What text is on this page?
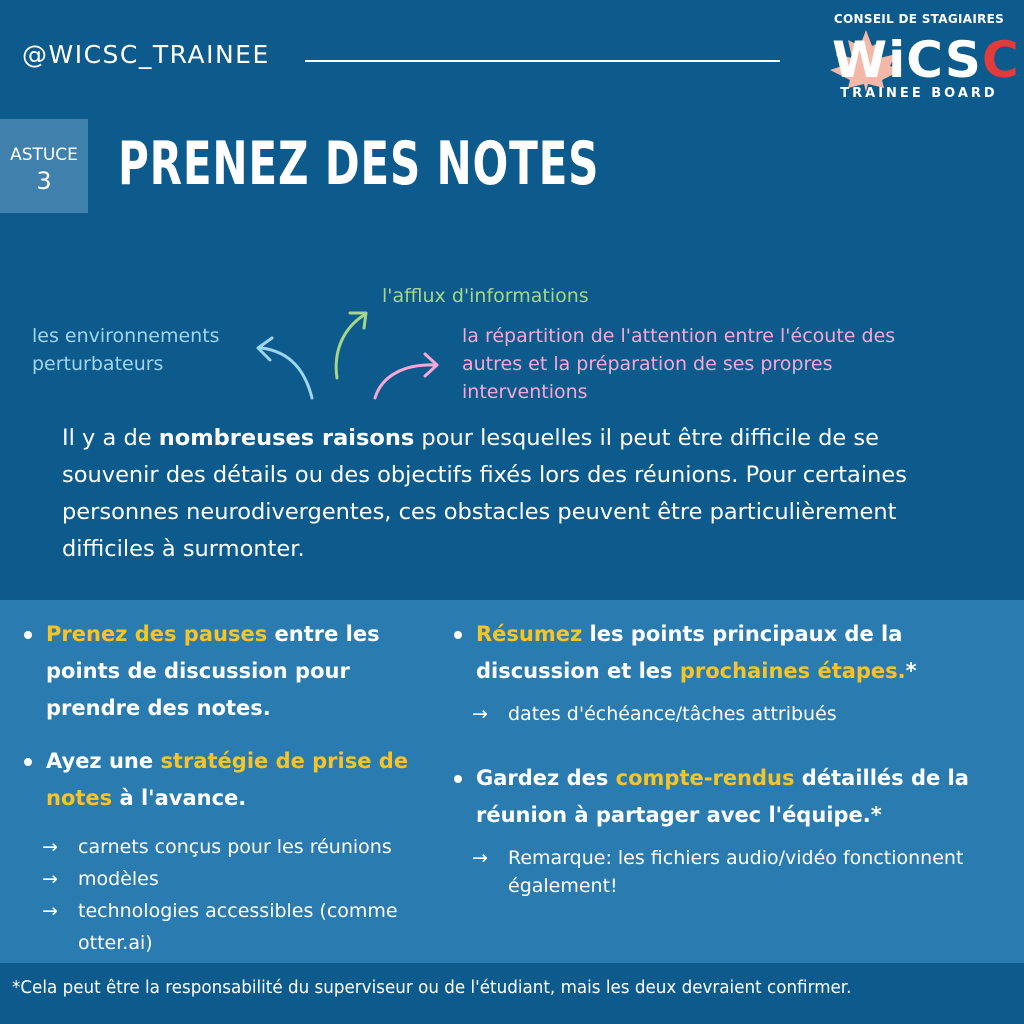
@WICSC_TRAINEE
CONSEIL DE STAGIAIRES
WiCSC
TRAINEE BOARD
ASTUCE
3	PRENEZ DES NOTES
les environnements perturbateurs
l'afflux d'informations
la répartition de l'attention entre l'écoute des autres et la préparation de ses propres interventions
Il y a de nombreuses raisons pour lesquelles il peut être difficile de se souvenir des détails ou des objectifs fixés lors des réunions. Pour certaines personnes neurodivergentes, ces obstacles peuvent être particulièrement difficiles à surmonter.
Prenez des pauses entre les points de discussion pour prendre des notes.
Ayez une stratégie de prise de notes à l'avance.
→ carnets conçus pour les réunions
→ modèles
→ technologies accessibles (comme otter.ai)
Résumez les points principaux de la discussion et les prochaines étapes.*
→ dates d'échéance/tâches attribués
Gardez des compte-rendus détaillés de la réunion à partager avec l'équipe.*
→ Remarque: les fichiers audio/vidéo fonctionnent également!
*Cela peut être la responsabilité du superviseur ou de l'étudiant, mais les deux devraient confirmer.
